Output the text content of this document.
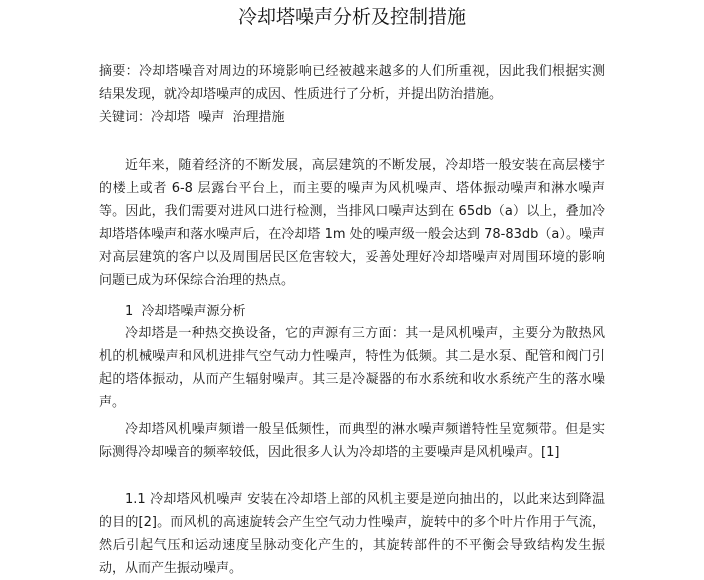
冷却塔噪声分析及控制措施
摘要：冷却塔噪音对周边的环境影响已经被越来越多的人们所重视，因此我们根据实测结果发现，就冷却塔噪声的成因、性质进行了分析，并提出防治措施。
关键词：冷却塔  噪声  治理措施
近年来，随着经济的不断发展，高层建筑的不断发展，冷却塔一般安装在高层楼宇的楼上或者 6-8 层露台平台上，而主要的噪声为风机噪声、塔体振动噪声和淋水噪声等。因此，我们需要对进风口进行检测，当排风口噪声达到在 65db（a）以上，叠加冷却塔塔体噪声和落水噪声后，在冷却塔 1m 处的噪声级一般会达到 78-83db（a）。噪声对高层建筑的客户以及周围居民区危害较大，妥善处理好冷却塔噪声对周围环境的影响问题已成为环保综合治理的热点。
1  冷却塔噪声源分析
冷却塔是一种热交换设备，它的声源有三方面：其一是风机噪声，主要分为散热风机的机械噪声和风机进排气空气动力性噪声，特性为低频。其二是水泵、配管和阀门引起的塔体振动，从而产生辐射噪声。其三是冷凝器的布水系统和收水系统产生的落水噪声。
冷却塔风机噪声频谱一般呈低频性，而典型的淋水噪声频谱特性呈宽频带。但是实际测得冷却噪音的频率较低，因此很多人认为冷却塔的主要噪声是风机噪声。[1]
1.1 冷却塔风机噪声 安装在冷却塔上部的风机主要是逆向抽出的，以此来达到降温的目的[2]。而风机的高速旋转会产生空气动力性噪声，旋转中的多个叶片作用于气流，然后引起气压和运动速度呈脉动变化产生的，其旋转部件的不平衡会导致结构发生振动，从而产生振动噪声。
